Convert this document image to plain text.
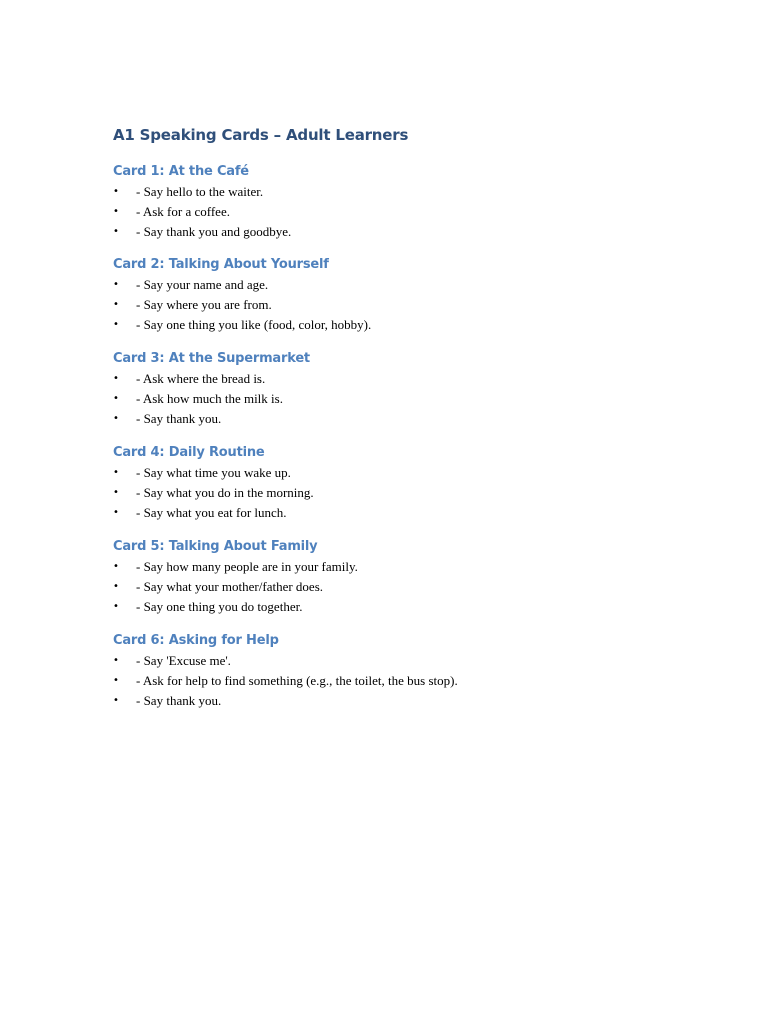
A1 Speaking Cards – Adult Learners
Card 1: At the Café
•	- Say hello to the waiter.
•	- Ask for a coffee.
•	- Say thank you and goodbye.
Card 2: Talking About Yourself
•	- Say your name and age.
•	- Say where you are from.
•	- Say one thing you like (food, color, hobby).
Card 3: At the Supermarket
•	- Ask where the bread is.
•	- Ask how much the milk is.
•	- Say thank you.
Card 4: Daily Routine
•	- Say what time you wake up.
•	- Say what you do in the morning.
•	- Say what you eat for lunch.
Card 5: Talking About Family
•	- Say how many people are in your family.
•	- Say what your mother/father does.
•	- Say one thing you do together.
Card 6: Asking for Help
•	- Say 'Excuse me'.
•	- Ask for help to find something (e.g., the toilet, the bus stop).
•	- Say thank you.
